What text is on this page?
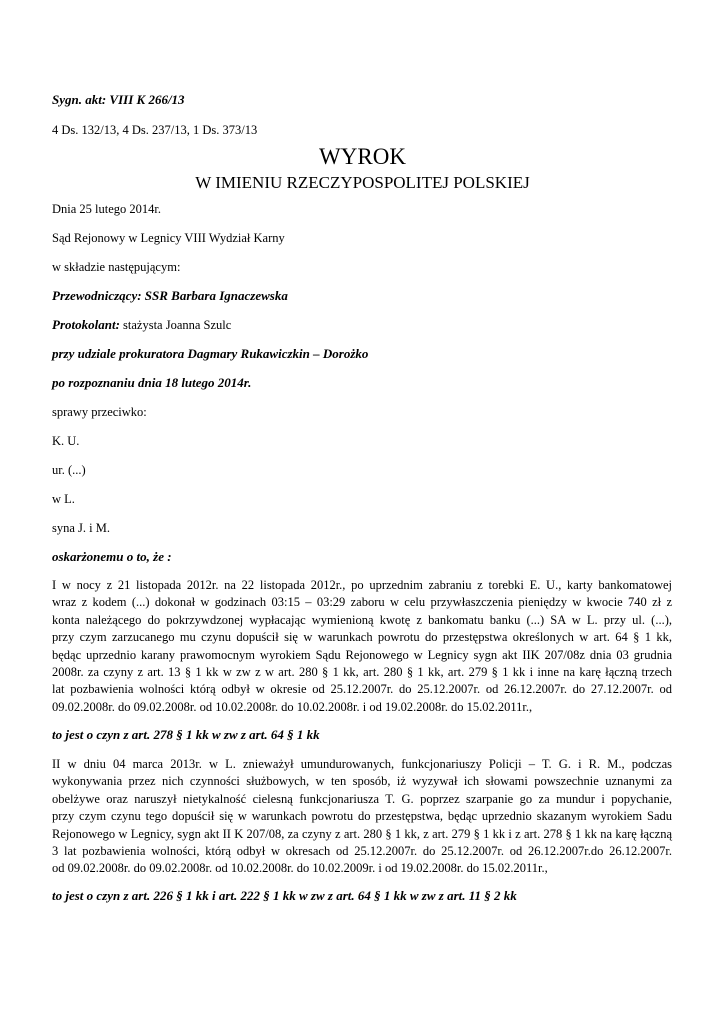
Sygn. akt: VIII K 266/13
4 Ds. 132/13, 4 Ds. 237/13, 1 Ds. 373/13
WYROK
W IMIENIU RZECZYPOSPOLITEJ POLSKIEJ
Dnia 25 lutego 2014r.
Sąd Rejonowy w Legnicy VIII Wydział Karny
w składzie następującym:
Przewodniczący: SSR Barbara Ignaczewska
Protokolant: stażysta Joanna Szulc
przy udziale prokuratora Dagmary Rukawiczkin – Dorożko
po rozpoznaniu dnia 18 lutego 2014r.
sprawy przeciwko:
K. U.
ur. (...)
w L.
syna J. i M.
oskarżonemu o to, że :
I w nocy z 21 listopada 2012r. na 22 listopada 2012r., po uprzednim zabraniu z torebki E. U., karty bankomatowej
wraz z kodem (...) dokonał w godzinach 03:15 – 03:29 zaboru w celu przywłaszczenia pieniędzy w kwocie 740 zł z
konta należącego do pokrzywdzonej wypłacając wymienioną kwotę z bankomatu banku (...) SA w L. przy ul. (...),
przy czym zarzucanego mu czynu dopuścił się w warunkach powrotu do przestępstwa określonych w art. 64 § 1 kk,
będąc uprzednio karany prawomocnym wyrokiem Sądu Rejonowego w Legnicy sygn akt IIK 207/08z dnia 03 grudnia
2008r. za czyny z art. 13 § 1 kk w zw z w art. 280 § 1 kk, art. 280 § 1 kk, art. 279 § 1 kk i inne na karę łączną trzech
lat pozbawienia wolności którą odbył w okresie od 25.12.2007r. do 25.12.2007r. od 26.12.2007r. do 27.12.2007r. od
09.02.2008r. do 09.02.2008r. od 10.02.2008r. do 10.02.2008r. i od 19.02.2008r. do 15.02.2011r.,
to jest o czyn z art. 278 § 1 kk w zw z art. 64 § 1 kk
II w dniu 04 marca 2013r. w L. znieważył umundurowanych, funkcjonariuszy Policji – T. G. i R. M., podczas
wykonywania przez nich czynności służbowych, w ten sposób, iż wyzywał ich słowami powszechnie uznanymi za
obelżywe oraz naruszył nietykalność cielesną funkcjonariusza T. G. poprzez szarpanie go za mundur i popychanie,
przy czym czynu tego dopuścił się w warunkach powrotu do przestępstwa, będąc uprzednio skazanym wyrokiem Sadu
Rejonowego w Legnicy, sygn akt II K 207/08, za czyny z art. 280 § 1 kk, z art. 279 § 1 kk i z art. 278 § 1 kk na karę łączną
3 lat pozbawienia wolności, którą odbył w okresach od 25.12.2007r. do 25.12.2007r. od 26.12.2007r.do 26.12.2007r.
od 09.02.2008r. do 09.02.2008r. od 10.02.2008r. do 10.02.2009r. i od 19.02.2008r. do 15.02.2011r.,
to jest o czyn z art. 226 § 1 kk i art. 222 § 1 kk w zw z art. 64 § 1 kk w zw z art. 11 § 2 kk
